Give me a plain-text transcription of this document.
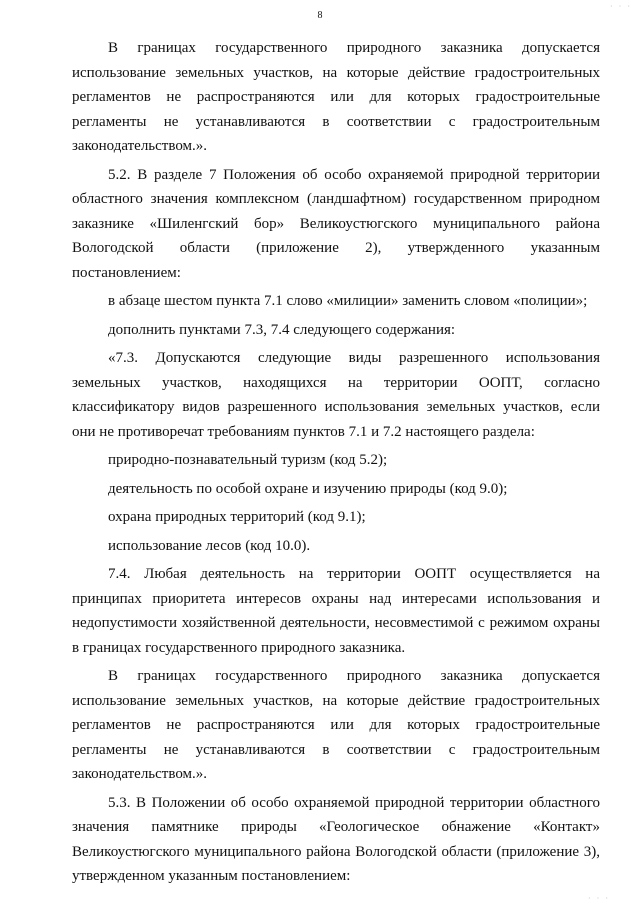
8

В границах государственного природного заказника допускается использование земельных участков, на которые действие градостроительных регламентов не распространяются или для которых градостроительные регламенты не устанавливаются в соответствии с градостроительным законодательством.».

5.2. В разделе 7 Положения об особо охраняемой природной территории областного значения комплексном (ландшафтном) государственном природном заказнике «Шиленгский бор» Великоустюгского муниципального района Вологодской области (приложение 2), утвержденного указанным постановлением:

в абзаце шестом пункта 7.1 слово «милиции» заменить словом «полиции»;

дополнить пунктами 7.3, 7.4 следующего содержания:

«7.3. Допускаются следующие виды разрешенного использования земельных участков, находящихся на территории ООПТ, согласно классификатору видов разрешенного использования земельных участков, если они не противоречат требованиям пунктов 7.1 и 7.2 настоящего раздела:

природно-познавательный туризм (код 5.2);

деятельность по особой охране и изучению природы (код 9.0);

охрана природных территорий (код 9.1);

использование лесов (код 10.0).

7.4. Любая деятельность на территории ООПТ осуществляется на принципах приоритета интересов охраны над интересами использования и недопустимости хозяйственной деятельности, несовместимой с режимом охраны в границах государственного природного заказника.

В границах государственного природного заказника допускается использование земельных участков, на которые действие градостроительных регламентов не распространяются или для которых градостроительные регламенты не устанавливаются в соответствии с градостроительным законодательством.».

5.3. В Положении об особо охраняемой природной территории областного значения памятнике природы «Геологическое обнажение «Контакт» Великоустюгского муниципального района Вологодской области (приложение 3), утвержденном указанным постановлением:

· · ·
· · ·
